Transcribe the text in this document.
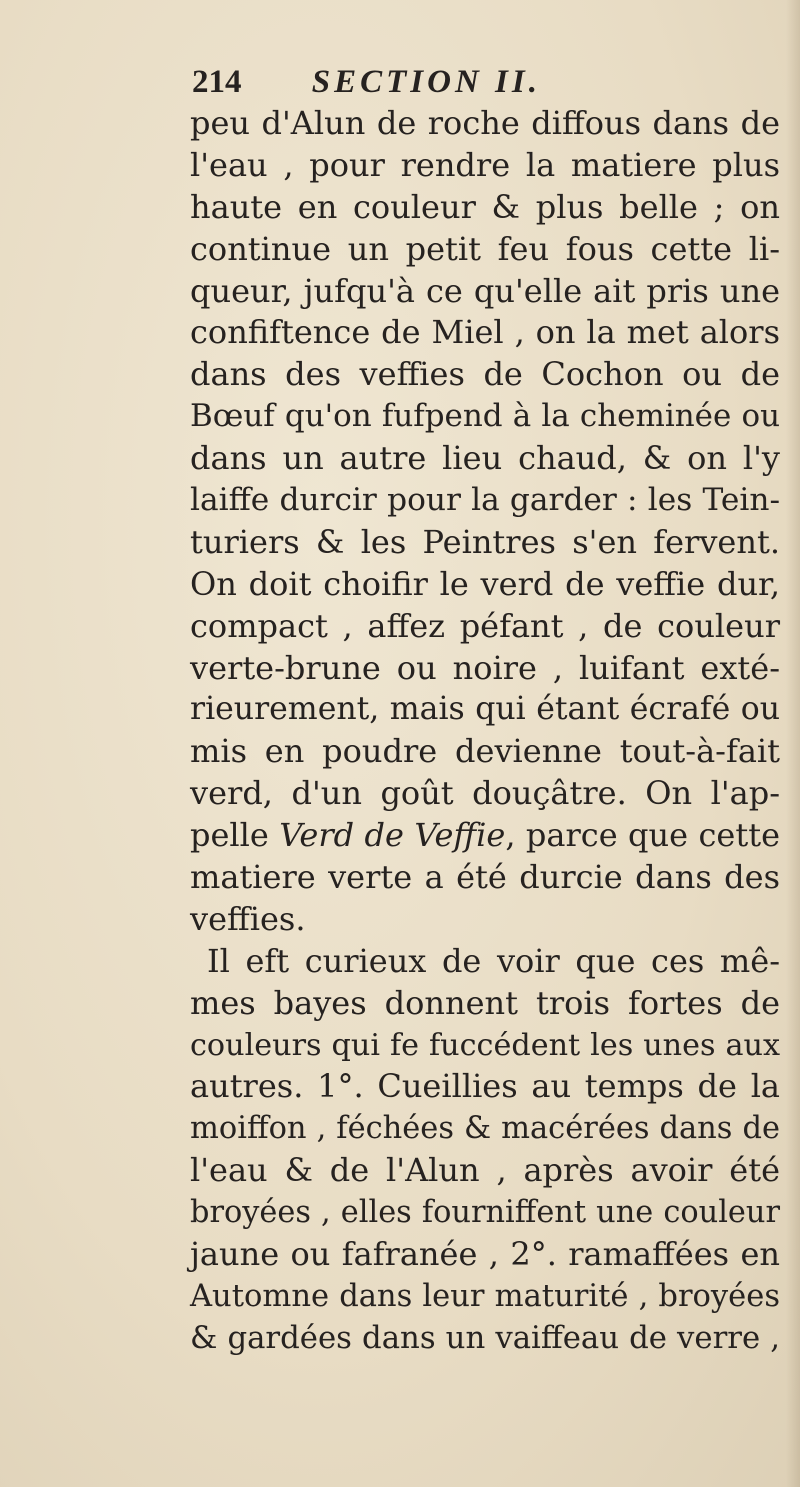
214 SECTION II.
peu d'Alun de roche diffous dans de
l'eau , pour rendre la matiere plus
haute en couleur & plus belle ; on
continue un petit feu fous cette li-
queur, jufqu'à ce qu'elle ait pris une
confiftence de Miel , on la met alors
dans des veffies de Cochon ou de
Bœuf qu'on fufpend à la cheminée ou
dans un autre lieu chaud, & on l'y
laiffe durcir pour la garder : les Tein-
turiers & les Peintres s'en fervent.
On doit choifir le verd de veffie dur,
compact , affez péfant , de couleur
verte-brune ou noire , luifant exté-
rieurement, mais qui étant écrafé ou
mis en poudre devienne tout-à-fait
verd, d'un goût douçâtre. On l'ap-
pelle Verd de Veffie, parce que cette
matiere verte a été durcie dans des
veffies.
Il eft curieux de voir que ces mê-
mes bayes donnent trois fortes de
couleurs qui fe fuccédent les unes aux
autres. 1°. Cueillies au temps de la
moiffon , féchées & macérées dans de
l'eau & de l'Alun , après avoir été
broyées , elles fourniffent une couleur
jaune ou fafranée , 2°. ramaffées en
Automne dans leur maturité , broyées
& gardées dans un vaiffeau de verre ,
